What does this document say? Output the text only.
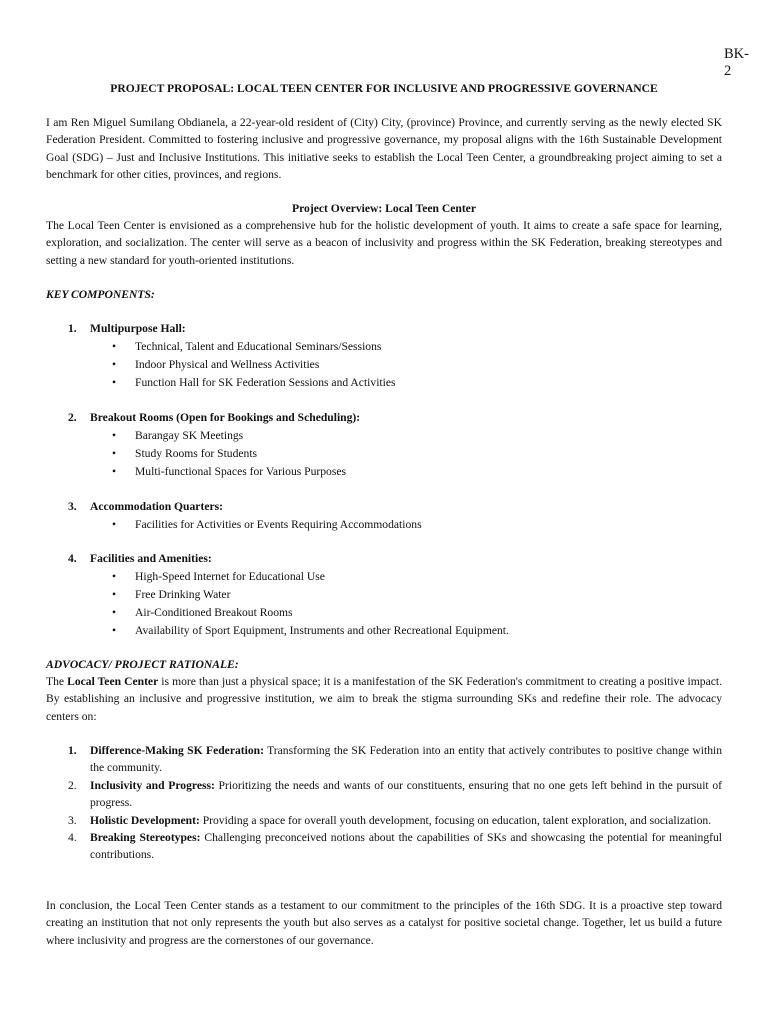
BK-2
PROJECT PROPOSAL: LOCAL TEEN CENTER FOR INCLUSIVE AND PROGRESSIVE GOVERNANCE

I am Ren Miguel Sumilang Obdianela, a 22-year-old resident of (City) City, (province) Province, and currently serving as the newly elected SK Federation President. Committed to fostering inclusive and progressive governance, my proposal aligns with the 16th Sustainable Development Goal (SDG) – Just and Inclusive Institutions. This initiative seeks to establish the Local Teen Center, a groundbreaking project aiming to set a benchmark for other cities, provinces, and regions.

Project Overview: Local Teen Center

The Local Teen Center is envisioned as a comprehensive hub for the holistic development of youth. It aims to create a safe space for learning, exploration, and socialization. The center will serve as a beacon of inclusivity and progress within the SK Federation, breaking stereotypes and setting a new standard for youth-oriented institutions.

KEY COMPONENTS:

1. Multipurpose Hall:
• Technical, Talent and Educational Seminars/Sessions
• Indoor Physical and Wellness Activities
• Function Hall for SK Federation Sessions and Activities
2. Breakout Rooms (Open for Bookings and Scheduling):
• Barangay SK Meetings
• Study Rooms for Students
• Multi-functional Spaces for Various Purposes
3. Accommodation Quarters:
• Facilities for Activities or Events Requiring Accommodations
4. Facilities and Amenities:
• High-Speed Internet for Educational Use
• Free Drinking Water
• Air-Conditioned Breakout Rooms
• Availability of Sport Equipment, Instruments and other Recreational Equipment.

ADVOCACY/ PROJECT RATIONALE:

The Local Teen Center is more than just a physical space; it is a manifestation of the SK Federation's commitment to creating a positive impact. By establishing an inclusive and progressive institution, we aim to break the stigma surrounding SKs and redefine their role. The advocacy centers on:

1. Difference-Making SK Federation: Transforming the SK Federation into an entity that actively contributes to positive change within the community.
2. Inclusivity and Progress: Prioritizing the needs and wants of our constituents, ensuring that no one gets left behind in the pursuit of progress.
3. Holistic Development: Providing a space for overall youth development, focusing on education, talent exploration, and socialization.
4. Breaking Stereotypes: Challenging preconceived notions about the capabilities of SKs and showcasing the potential for meaningful contributions.

In conclusion, the Local Teen Center stands as a testament to our commitment to the principles of the 16th SDG. It is a proactive step toward creating an institution that not only represents the youth but also serves as a catalyst for positive societal change. Together, let us build a future where inclusivity and progress are the cornerstones of our governance.
